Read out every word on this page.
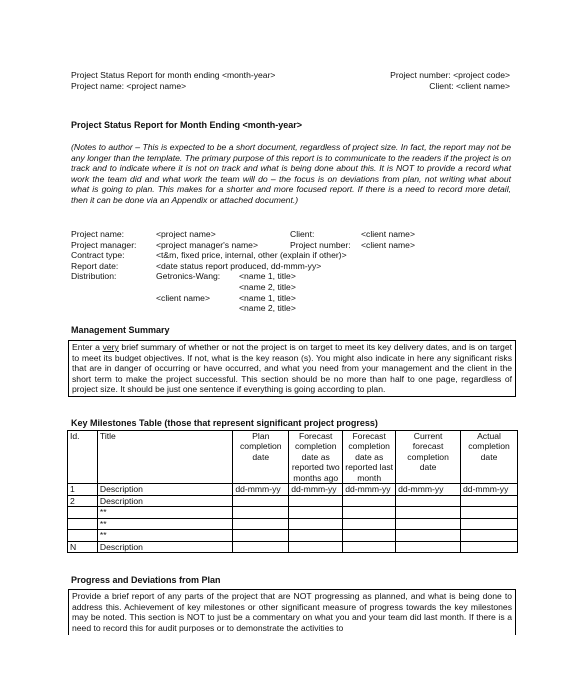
Project Status Report for month ending <month-year>
Project name: <project name>
Project number: <project code>
Client: <client name>
Project Status Report for Month Ending <month-year>
(Notes to author – This is expected to be a short document, regardless of project size. In fact, the report may not be any longer than the template. The primary purpose of this report is to communicate to the readers if the project is on track and to indicate where it is not on track and what is being done about this. It is NOT to provide a record what work the team did and what work the team will do – the focus is on deviations from plan, not writing what about what is going to plan. This makes for a shorter and more focused report. If there is a need to record more detail, then it can be done via an Appendix or attached document.)
Project name:	<project name>	Client:	<client name>
Project manager: <project manager's name>	Project number: <client name>
Contract type:	<t&m, fixed price, internal, other (explain if other)>
Report date:	<date status report produced, dd-mmm-yy>
Distribution:	Getronics-Wang: <name 1, title>
<name 2, title>
<client name>	<name 1, title>
<name 2, title>
Management Summary
Enter a very brief summary of whether or not the project is on target to meet its key delivery dates, and is on target to meet its budget objectives. If not, what is the key reason (s). You might also indicate in here any significant risks that are in danger of occurring or have occurred, and what you need from your management and the client in the short term to make the project successful. This section should be no more than half to one page, regardless of project size. It should be just one sentence if everything is going according to plan.
Key Milestones Table (those that represent significant project progress)
Id.	Title	Plan completion date	Forecast completion date as reported two months ago	Forecast completion date as reported last month	Current forecast completion date	Actual completion date
1	Description	dd-mmm-yy	dd-mmm-yy	dd-mmm-yy	dd-mmm-yy	dd-mmm-yy
2	Description					
	**					
	**					
	**					
N	Description					
Progress and Deviations from Plan
Provide a brief report of any parts of the project that are NOT progressing as planned, and what is being done to address this. Achievement of key milestones or other significant measure of progress towards the key milestones may be noted. This section is NOT to just be a commentary on what you and your team did last month. If there is a need to record this for audit purposes or to demonstrate the activities to
